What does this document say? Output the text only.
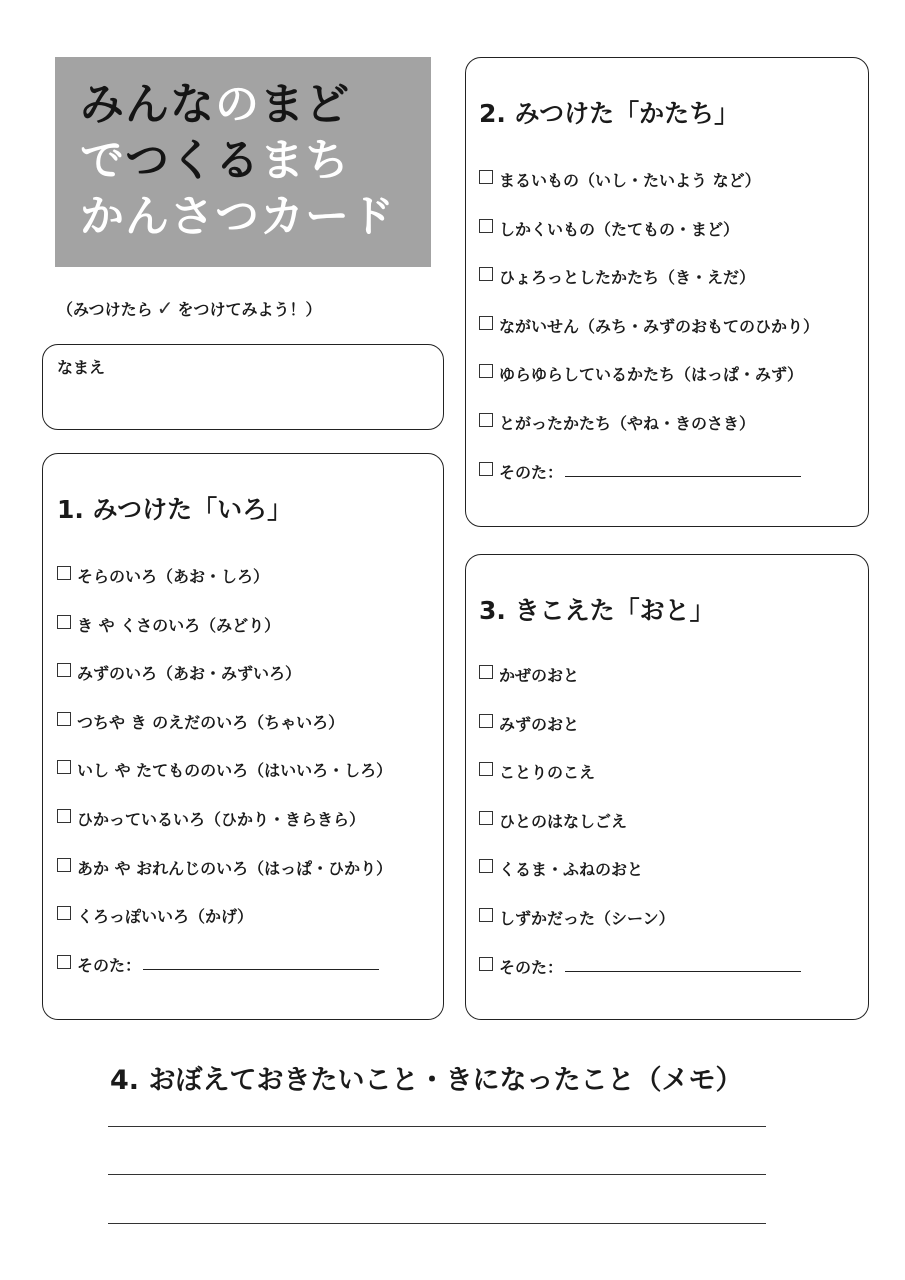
みんなのまど
でつくるまち
かんさつカード
（みつけたら ✓ をつけてみよう！）
なまえ
1. みつけた「いろ」
そらのいろ（あお・しろ）
き や くさのいろ（みどり）
みずのいろ（あお・みずいろ）
つちや き のえだのいろ（ちゃいろ）
いし や たてもののいろ（はいいろ・しろ）
ひかっているいろ（ひかり・きらきら）
あか や おれんじのいろ（はっぱ・ひかり）
くろっぽいいろ（かげ）
そのた：
2. みつけた「かたち」
まるいもの（いし・たいよう など）
しかくいもの（たてもの・まど）
ひょろっとしたかたち（き・えだ）
ながいせん（みち・みずのおもてのひかり）
ゆらゆらしているかたち（はっぱ・みず）
とがったかたち（やね・きのさき）
そのた：
3. きこえた「おと」
かぜのおと
みずのおと
ことりのこえ
ひとのはなしごえ
くるま・ふねのおと
しずかだった（シーン）
そのた：
4. おぼえておきたいこと・きになったこと（メモ）
